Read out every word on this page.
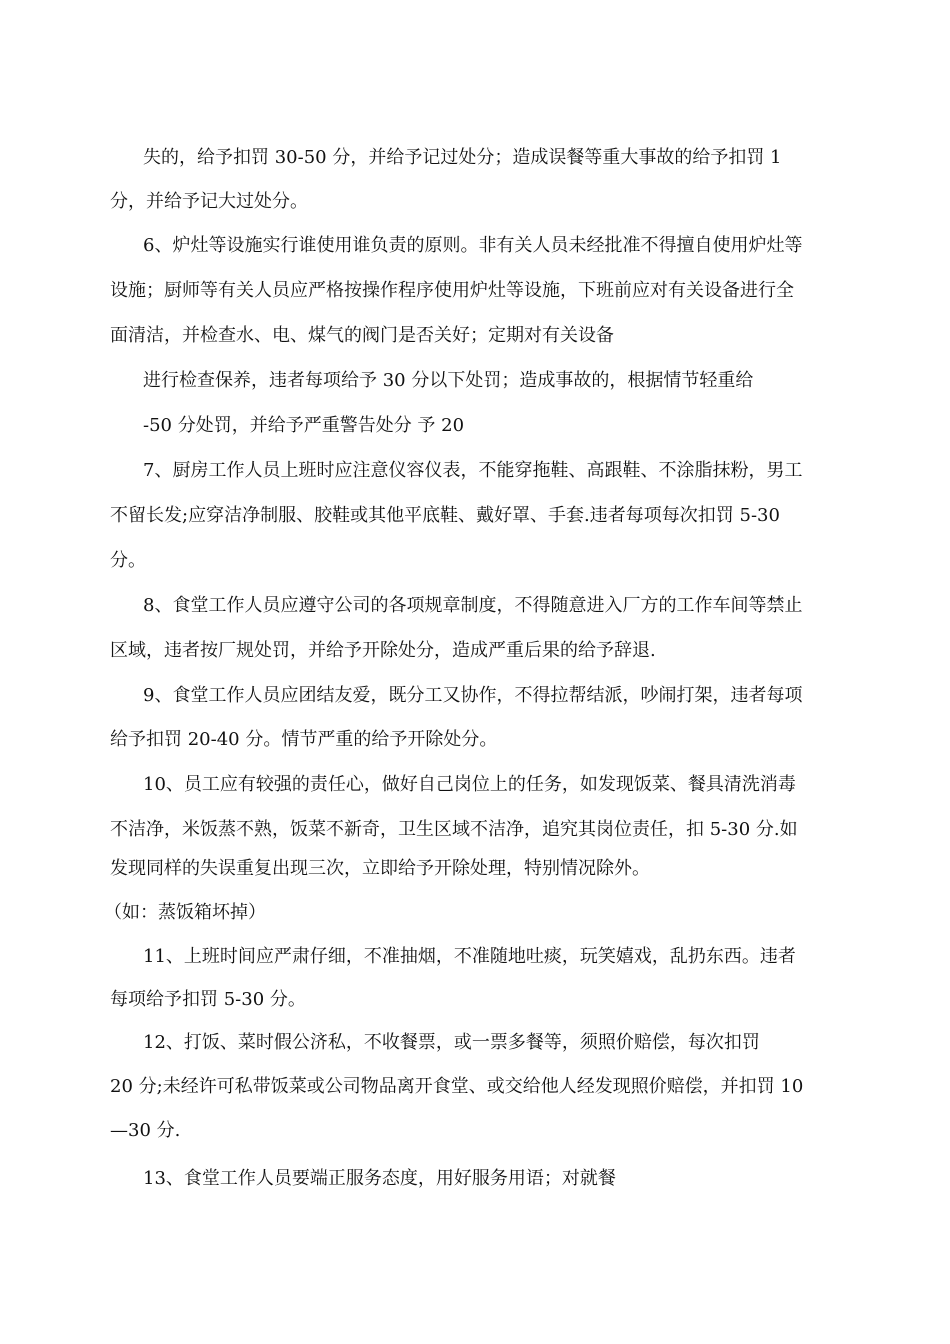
失的，给予扣罚 30-50 分，并给予记过处分；造成误餐等重大事故的给予扣罚 1
分，并给予记大过处分。
6、炉灶等设施实行谁使用谁负责的原则。非有关人员未经批准不得擅自使用炉灶等
设施；厨师等有关人员应严格按操作程序使用炉灶等设施，下班前应对有关设备进行全
面清洁，并检查水、电、煤气的阀门是否关好；定期对有关设备
进行检查保养，违者每项给予 30 分以下处罚；造成事故的，根据情节轻重给
-50 分处罚，并给予严重警告处分 予 20
7、厨房工作人员上班时应注意仪容仪表，不能穿拖鞋、高跟鞋、不涂脂抹粉，男工
不留长发;应穿洁净制服、胶鞋或其他平底鞋、戴好罩、手套.违者每项每次扣罚 5-30
分。
8、食堂工作人员应遵守公司的各项规章制度，不得随意进入厂方的工作车间等禁止
区域，违者按厂规处罚，并给予开除处分，造成严重后果的给予辞退.
9、食堂工作人员应团结友爱，既分工又协作，不得拉帮结派，吵闹打架，违者每项
给予扣罚 20-40 分。情节严重的给予开除处分。
10、员工应有较强的责任心，做好自己岗位上的任务，如发现饭菜、餐具清洗消毒
不洁净，米饭蒸不熟，饭菜不新奇，卫生区域不洁净，追究其岗位责任，扣 5-30 分.如
发现同样的失误重复出现三次，立即给予开除处理，特别情况除外。
（如：蒸饭箱坏掉）
11、上班时间应严肃仔细，不准抽烟，不准随地吐痰，玩笑嬉戏，乱扔东西。违者
每项给予扣罚 5-30 分。
12、打饭、菜时假公济私，不收餐票，或一票多餐等，须照价赔偿，每次扣罚
20 分;未经许可私带饭菜或公司物品离开食堂、或交给他人经发现照价赔偿，并扣罚 10
—30 分.
13、食堂工作人员要端正服务态度，用好服务用语；对就餐
